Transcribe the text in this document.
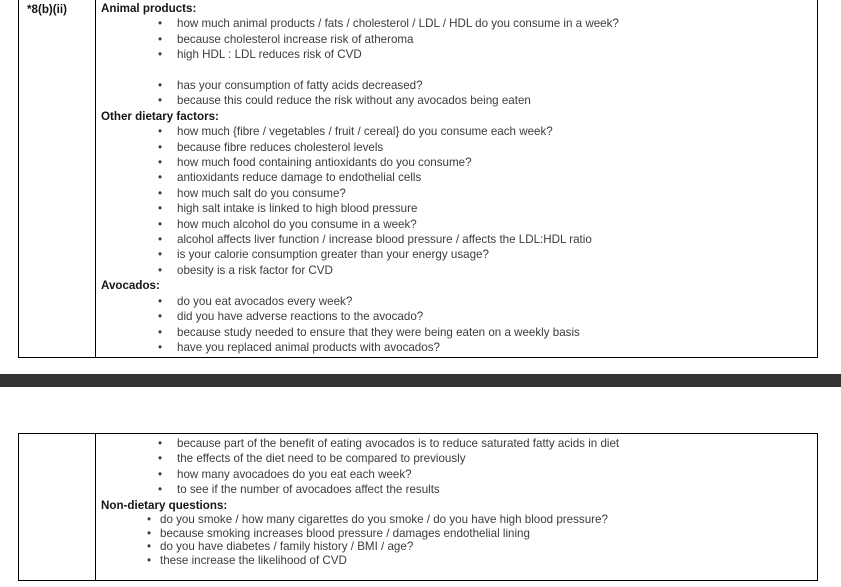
*8(b)(ii)	Animal products:
•	how much animal products / fats / cholesterol / LDL / HDL do you consume in a week?
•	because cholesterol increase risk of atheroma
•	high HDL : LDL reduces risk of CVD
•	has your consumption of fatty acids decreased?
•	because this could reduce the risk without any avocados being eaten
Other dietary factors:
•	how much {fibre / vegetables / fruit / cereal} do you consume each week?
•	because fibre reduces cholesterol levels
•	how much food containing antioxidants do you consume?
•	antioxidants reduce damage to endothelial cells
•	how much salt do you consume?
•	high salt intake is linked to high blood pressure
•	how much alcohol do you consume in a week?
•	alcohol affects liver function / increase blood pressure / affects the LDL:HDL ratio
•	is your calorie consumption greater than your energy usage?
•	obesity is a risk factor for CVD
Avocados:
•	do you eat avocados every week?
•	did you have adverse reactions to the avocado?
•	because study needed to ensure that they were being eaten on a weekly basis
•	have you replaced animal products with avocados?
•	because part of the benefit of eating avocados is to reduce saturated fatty acids in diet
•	the effects of the diet need to be compared to previously
•	how many avocadoes do you eat each week?
•	to see if the number of avocadoes affect the results
Non-dietary questions:
• do you smoke / how many cigarettes do you smoke / do you have high blood pressure?
• because smoking increases blood pressure / damages endothelial lining
• do you have diabetes / family history / BMI / age?
• these increase the likelihood of CVD
